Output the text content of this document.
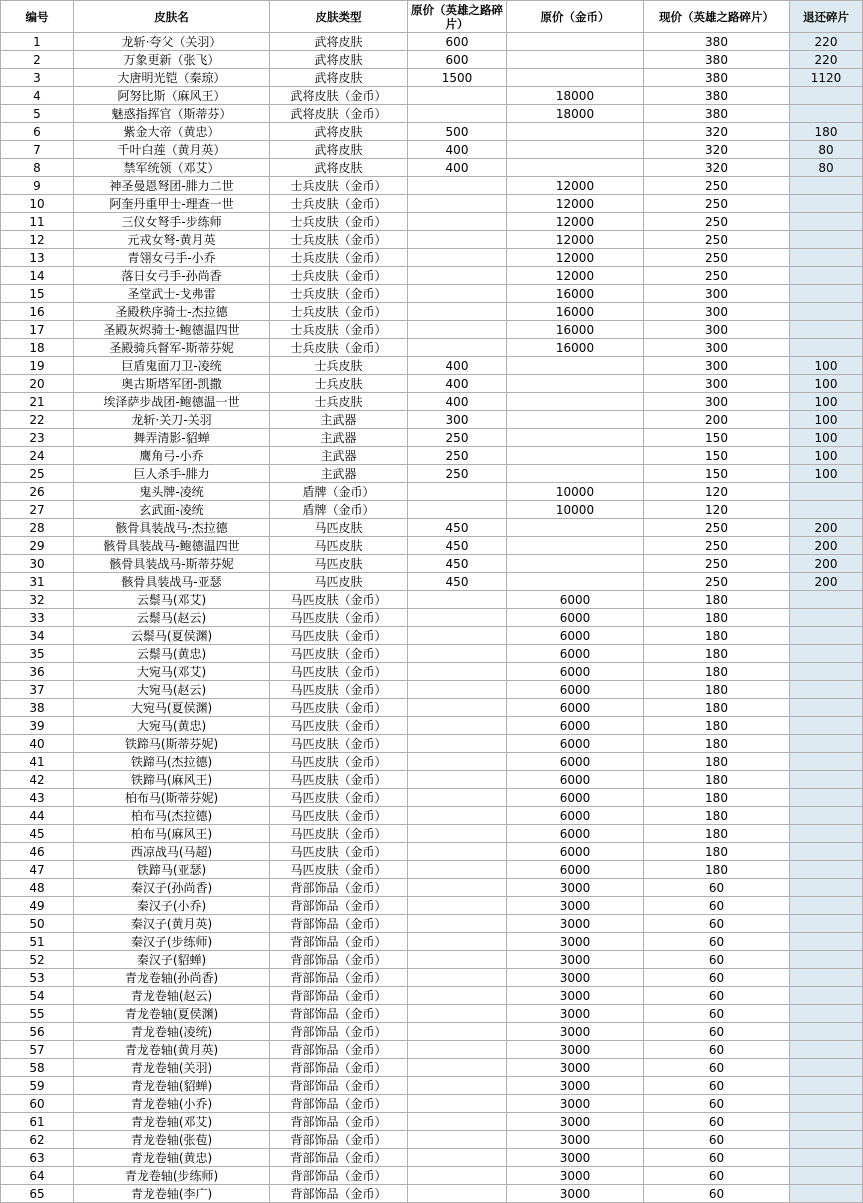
编号	皮肤名	皮肤类型	原价（英雄之路碎片）	原价（金币）	现价（英雄之路碎片）	退还碎片
1	龙斩·夸父（关羽）	武将皮肤	600		380	220
2	万象更新（张飞）	武将皮肤	600		380	220
3	大唐明光铠（秦琼）	武将皮肤	1500		380	1120
4	阿努比斯（麻风王）	武将皮肤（金币）		18000	380	
5	魅惑指挥官（斯蒂芬）	武将皮肤（金币）		18000	380	
6	紫金大帝（黄忠）	武将皮肤	500		320	180
7	千叶白莲（黄月英）	武将皮肤	400		320	80
8	禁军统领（邓艾）	武将皮肤	400		320	80
9	神圣曼恩弩团-腓力二世	士兵皮肤（金币）		12000	250	
10	阿奎丹重甲士-理查一世	士兵皮肤（金币）		12000	250	
11	三仪女弩手-步练师	士兵皮肤（金币）		12000	250	
12	元戎女弩-黄月英	士兵皮肤（金币）		12000	250	
13	青翎女弓手-小乔	士兵皮肤（金币）		12000	250	
14	落日女弓手-孙尚香	士兵皮肤（金币）		12000	250	
15	圣堂武士-戈弗雷	士兵皮肤（金币）		16000	300	
16	圣殿秩序骑士-杰拉德	士兵皮肤（金币）		16000	300	
17	圣殿灰烬骑士-鲍德温四世	士兵皮肤（金币）		16000	300	
18	圣殿骑兵督军-斯蒂芬妮	士兵皮肤（金币）		16000	300	
19	巨盾鬼面刀卫-凌统	士兵皮肤	400		300	100
20	奥古斯塔军团-凯撒	士兵皮肤	400		300	100
21	埃泽萨步战团-鲍德温一世	士兵皮肤	400		300	100
22	龙斩·关刀-关羽	主武器	300		200	100
23	舞弄清影-貂蝉	主武器	250		150	100
24	鹰角弓-小乔	主武器	250		150	100
25	巨人杀手-腓力	主武器	250		150	100
26	鬼头牌-凌统	盾牌（金币）		10000	120	
27	玄武面-凌统	盾牌（金币）		10000	120	
28	骸骨具装战马-杰拉德	马匹皮肤	450		250	200
29	骸骨具装战马-鲍德温四世	马匹皮肤	450		250	200
30	骸骨具装战马-斯蒂芬妮	马匹皮肤	450		250	200
31	骸骨具装战马-亚瑟	马匹皮肤	450		250	200
32	云鬃马(邓艾)	马匹皮肤（金币）		6000	180	
33	云鬃马(赵云)	马匹皮肤（金币）		6000	180	
34	云鬃马(夏侯渊)	马匹皮肤（金币）		6000	180	
35	云鬃马(黄忠)	马匹皮肤（金币）		6000	180	
36	大宛马(邓艾)	马匹皮肤（金币）		6000	180	
37	大宛马(赵云)	马匹皮肤（金币）		6000	180	
38	大宛马(夏侯渊)	马匹皮肤（金币）		6000	180	
39	大宛马(黄忠)	马匹皮肤（金币）		6000	180	
40	铁蹄马(斯蒂芬妮)	马匹皮肤（金币）		6000	180	
41	铁蹄马(杰拉德)	马匹皮肤（金币）		6000	180	
42	铁蹄马(麻风王)	马匹皮肤（金币）		6000	180	
43	柏布马(斯蒂芬妮)	马匹皮肤（金币）		6000	180	
44	柏布马(杰拉德)	马匹皮肤（金币）		6000	180	
45	柏布马(麻风王)	马匹皮肤（金币）		6000	180	
46	西凉战马(马超)	马匹皮肤（金币）		6000	180	
47	铁蹄马(亚瑟)	马匹皮肤（金币）		6000	180	
48	秦汉子(孙尚香)	背部饰品（金币）		3000	60	
49	秦汉子(小乔)	背部饰品（金币）		3000	60	
50	秦汉子(黄月英)	背部饰品（金币）		3000	60	
51	秦汉子(步练师)	背部饰品（金币）		3000	60	
52	秦汉子(貂蝉)	背部饰品（金币）		3000	60	
53	青龙卷轴(孙尚香)	背部饰品（金币）		3000	60	
54	青龙卷轴(赵云)	背部饰品（金币）		3000	60	
55	青龙卷轴(夏侯渊)	背部饰品（金币）		3000	60	
56	青龙卷轴(凌统)	背部饰品（金币）		3000	60	
57	青龙卷轴(黄月英)	背部饰品（金币）		3000	60	
58	青龙卷轴(关羽)	背部饰品（金币）		3000	60	
59	青龙卷轴(貂蝉)	背部饰品（金币）		3000	60	
60	青龙卷轴(小乔)	背部饰品（金币）		3000	60	
61	青龙卷轴(邓艾)	背部饰品（金币）		3000	60	
62	青龙卷轴(张苞)	背部饰品（金币）		3000	60	
63	青龙卷轴(黄忠)	背部饰品（金币）		3000	60	
64	青龙卷轴(步练师)	背部饰品（金币）		3000	60	
65	青龙卷轴(李广)	背部饰品（金币）		3000	60	
